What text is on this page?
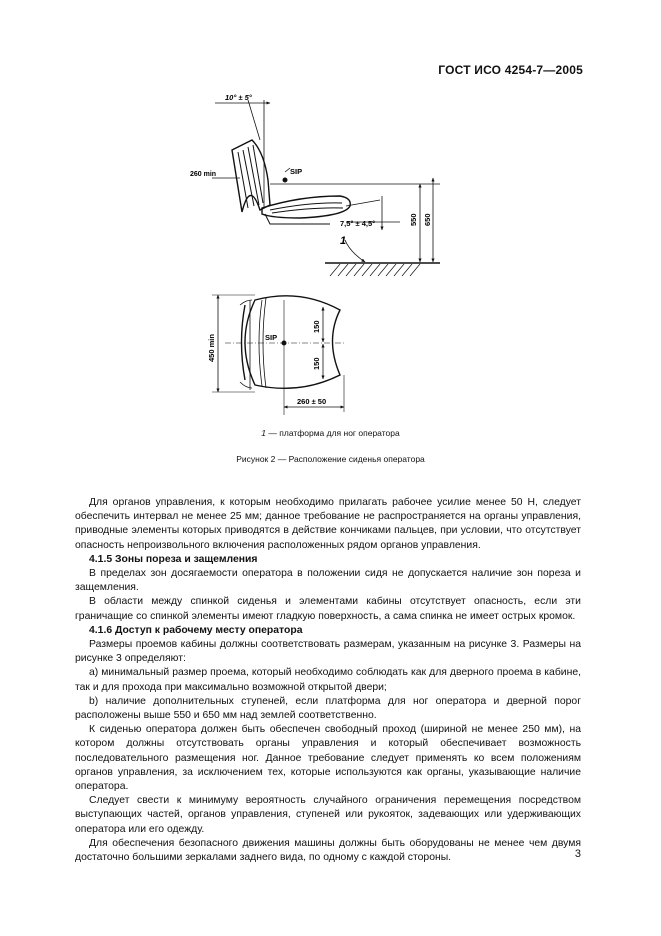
ГОСТ ИСО 4254-7—2005
10° ± 5°
260 min	SIP
7,5° ± 4,5°	550 650
1
450 min	SIP
150
150
260 ± 50
1 — платформа для ног оператора
Рисунок 2 — Расположение сиденья оператора

Для органов управления, к которым необходимо прилагать рабочее усилие менее 50 Н, следует обеспечить интервал не менее 25 мм; данное требование не распространяется на органы управления, приводные элементы которых приводятся в действие кончиками пальцев, при условии, что отсутствует опасность непроизвольного включения расположенных рядом органов управления.

4.1.5 Зоны пореза и защемления

В пределах зон досягаемости оператора в положении сидя не допускается наличие зон пореза и защемления.

В области между спинкой сиденья и элементами кабины отсутствует опасность, если эти граничащие со спинкой элементы имеют гладкую поверхность, а сама спинка не имеет острых кромок.

4.1.6 Доступ к рабочему месту оператора

Размеры проемов кабины должны соответствовать размерам, указанным на рисунке 3. Размеры на рисунке 3 определяют:

а) минимальный размер проема, который необходимо соблюдать как для дверного проема в кабине, так и для прохода при максимально возможной открытой двери;

b) наличие дополнительных ступеней, если платформа для ног оператора и дверной порог расположены выше 550 и 650 мм над землей соответственно.

К сиденью оператора должен быть обеспечен свободный проход (шириной не менее 250 мм), на котором должны отсутствовать органы управления и который обеспечивает возможность последовательного размещения ног. Данное требование следует применять ко всем положениям органов управления, за исключением тех, которые используются как органы, указывающие наличие оператора.

Следует свести к минимуму вероятность случайного ограничения перемещения посредством выступающих частей, органов управления, ступеней или рукояток, задевающих или удерживающих оператора или его одежду.

Для обеспечения безопасного движения машины должны быть оборудованы не менее чем двумя достаточно большими зеркалами заднего вида, по одному с каждой стороны.	3
